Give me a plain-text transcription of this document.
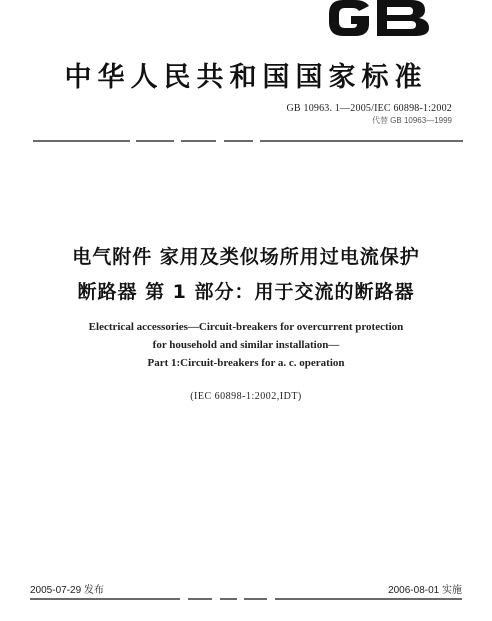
GB
中华人民共和国国家标准
GB 10963. 1—2005/IEC 60898-1:2002
代替 GB 10963—1999
电气附件 家用及类似场所用过电流保护
断路器 第 1 部分：用于交流的断路器
Electrical accessories—Circuit-breakers for overcurrent protection
for household and similar installation—
Part 1:Circuit-breakers for a. c. operation
(IEC 60898-1:2002,IDT)
2005-07-29 发布	2006-08-01 实施
